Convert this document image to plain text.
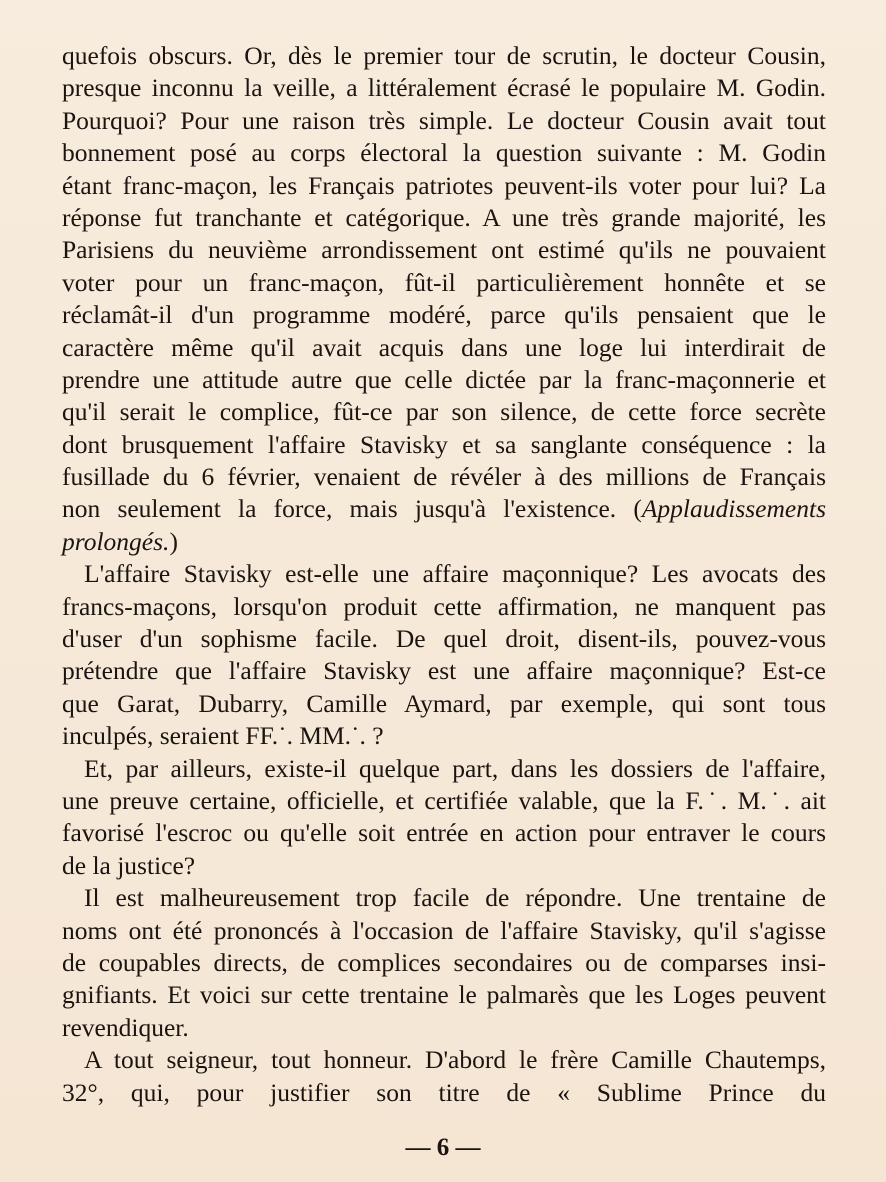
quefois obscurs. Or, dès le premier tour de scrutin, le docteur Cousin,
presque inconnu la veille, a littéralement écrasé le populaire M. Godin.
Pourquoi? Pour une raison très simple. Le docteur Cousin avait tout
bonnement posé au corps électoral la question suivante : M. Godin
étant franc-maçon, les Français patriotes peuvent-ils voter pour lui? La
réponse fut tranchante et catégorique. A une très grande majorité, les
Parisiens du neuvième arrondissement ont estimé qu'ils ne pouvaient
voter pour un franc-maçon, fût-il particulièrement honnête et se
réclamât-il d'un programme modéré, parce qu'ils pensaient que le
caractère même qu'il avait acquis dans une loge lui interdirait de
prendre une attitude autre que celle dictée par la franc-maçonnerie et
qu'il serait le complice, fût-ce par son silence, de cette force secrète
dont brusquement l'affaire Stavisky et sa sanglante conséquence : la
fusillade du 6 février, venaient de révéler à des millions de Français
non seulement la force, mais jusqu'à l'existence. (Applaudissements
prolongés.)
L'affaire Stavisky est-elle une affaire maçonnique? Les avocats des
francs-maçons, lorsqu'on produit cette affirmation, ne manquent pas
d'user d'un sophisme facile. De quel droit, disent-ils, pouvez-vous
prétendre que l'affaire Stavisky est une affaire maçonnique? Est-ce
que Garat, Dubarry, Camille Aymard, par exemple, qui sont tous
inculpés, seraient FF.˙. MM.˙. ?
Et, par ailleurs, existe-il quelque part, dans les dossiers de l'affaire,
une preuve certaine, officielle, et certifiée valable, que la F.˙. M.˙. ait
favorisé l'escroc ou qu'elle soit entrée en action pour entraver le cours
de la justice?
Il est malheureusement trop facile de répondre. Une trentaine de
noms ont été prononcés à l'occasion de l'affaire Stavisky, qu'il s'agisse
de coupables directs, de complices secondaires ou de comparses insi-
gnifiants. Et voici sur cette trentaine le palmarès que les Loges peuvent
revendiquer.
A tout seigneur, tout honneur. D'abord le frère Camille Chautemps,
32°, qui, pour justifier son titre de « Sublime Prince du
— 6 —
